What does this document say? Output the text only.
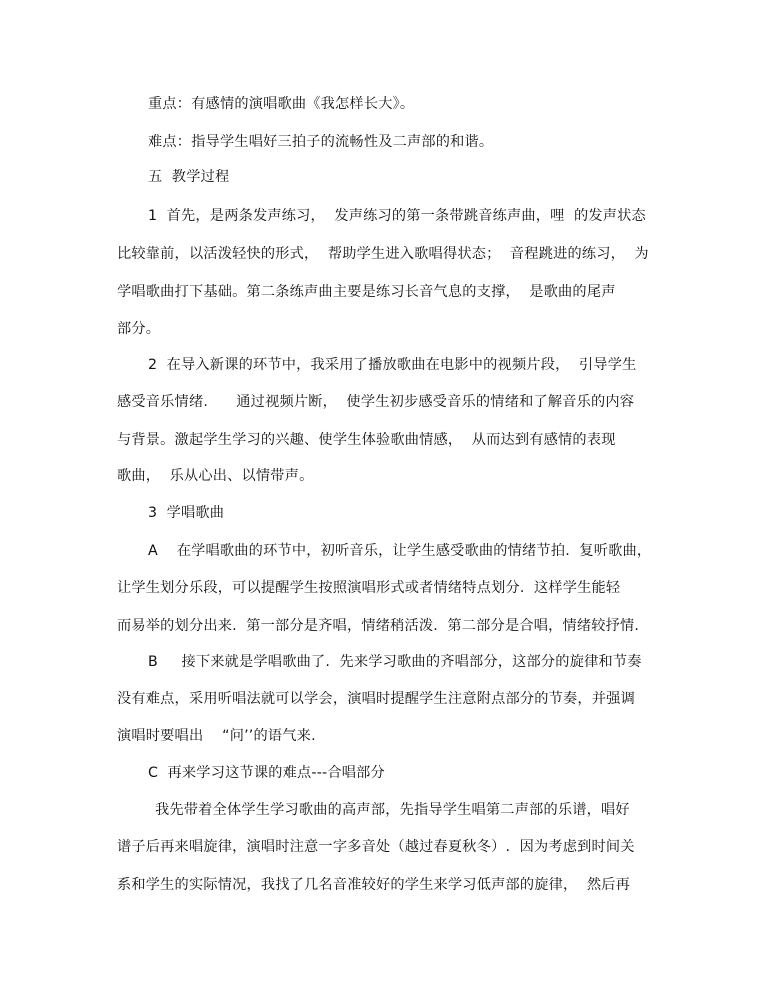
重点：有感情的演唱歌曲《我怎样长大》。
难点：指导学生唱好三拍子的流畅性及二声部的和谐。
五  教学过程
1  首先，是两条发声练习，  发声练习的第一条带跳音练声曲，哩  的发声状态
比较靠前，以活泼轻快的形式，  帮助学生进入歌唱得状态；  音程跳进的练习，  为
学唱歌曲打下基础。第二条练声曲主要是练习长音气息的支撑，  是歌曲的尾声
部分。
2  在导入新课的环节中，我采用了播放歌曲在电影中的视频片段，  引导学生
感受音乐情绪.      通过视频片断，  使学生初步感受音乐的情绪和了解音乐的内容
与背景。激起学生学习的兴趣、使学生体验歌曲情感，  从而达到有感情的表现
歌曲，  乐从心出、以情带声。
3  学唱歌曲
A    在学唱歌曲的环节中，初听音乐，让学生感受歌曲的情绪节拍.  复听歌曲，
让学生划分乐段，可以提醒学生按照演唱形式或者情绪特点划分.  这样学生能轻
而易举的划分出来.  第一部分是齐唱，情绪稍活泼.  第二部分是合唱，情绪较抒情.
B     接下来就是学唱歌曲了.  先来学习歌曲的齐唱部分，这部分的旋律和节奏
没有难点，采用听唱法就可以学会，演唱时提醒学生注意附点部分的节奏，并强调
演唱时要唱出    “问’’的语气来.
C  再来学习这节课的难点---合唱部分
我先带着全体学生学习歌曲的高声部，先指导学生唱第二声部的乐谱，唱好
谱子后再来唱旋律，演唱时注意一字多音处（越过春夏秋冬）.  因为考虑到时间关
系和学生的实际情况，我找了几名音准较好的学生来学习低声部的旋律，  然后再
